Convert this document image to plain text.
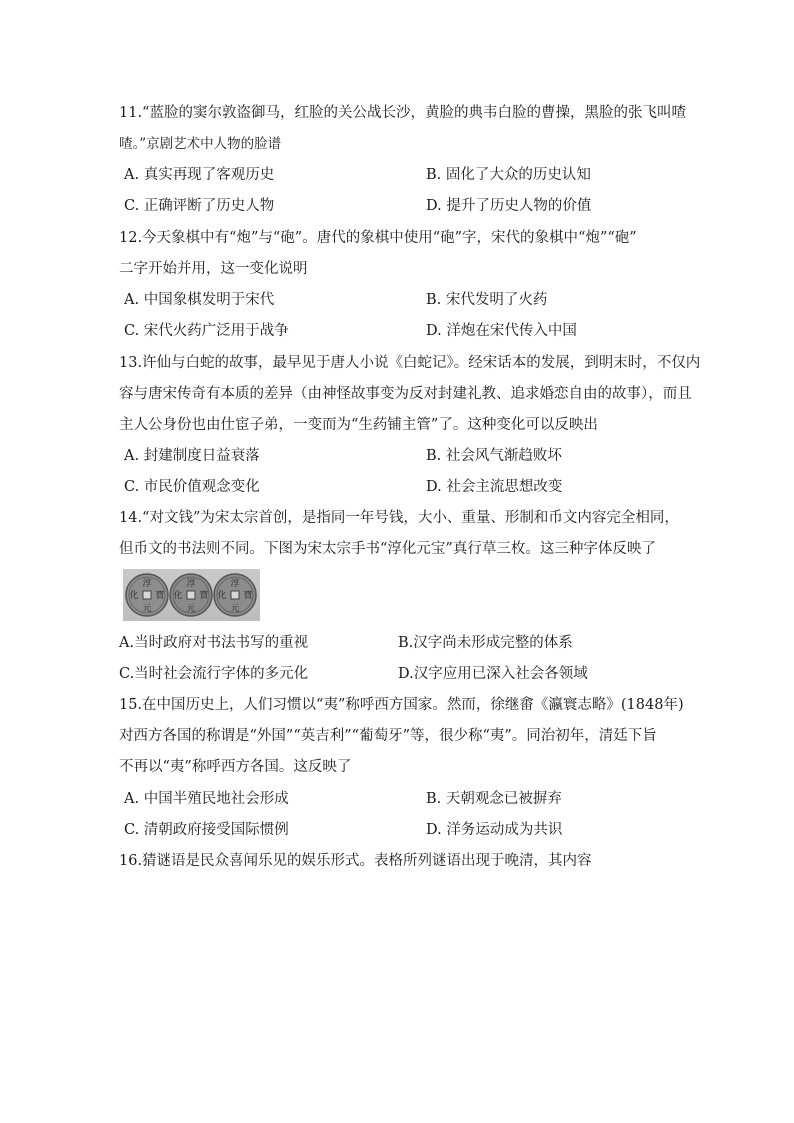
11.“蓝脸的窦尔敦盗御马，红脸的关公战长沙，黄脸的典韦白脸的曹操，黑脸的张飞叫喳
喳。”京剧艺术中人物的脸谱
A. 真实再现了客观历史	B. 固化了大众的历史认知
C. 正确评断了历史人物	D. 提升了历史人物的价值
12.今天象棋中有“炮”与“砲”。唐代的象棋中使用“砲”字，宋代的象棋中“炮”“砲”
二字开始并用，这一变化说明
A. 中国象棋发明于宋代	B. 宋代发明了火药
C. 宋代火药广泛用于战争	D. 洋炮在宋代传入中国
13.许仙与白蛇的故事，最早见于唐人小说《白蛇记》。经宋话本的发展，到明末时，不仅内
容与唐宋传奇有本质的差异（由神怪故事变为反对封建礼教、追求婚恋自由的故事），而且
主人公身份也由仕宦子弟，一变而为“生药铺主管”了。这种变化可以反映出
A. 封建制度日益衰落	B. 社会风气渐趋败坏
C. 市民价值观念变化	D. 社会主流思想改变
14.“对文钱”为宋太宗首创，是指同一年号钱，大小、重量、形制和币文内容完全相同，
但币文的书法则不同。下图为宋太宗手书“淳化元宝”真行草三枚。这三种字体反映了
淳
元
化 寶
淳
元
化 寶
淳
元
化 寶
A.当时政府对书法书写的重视	B.汉字尚未形成完整的体系
C.当时社会流行字体的多元化	D.汉字应用已深入社会各领域
15.在中国历史上，人们习惯以“夷”称呼西方国家。然而，徐继畬《瀛寰志略》(1848年)
对西方各国的称谓是“外国”“英吉利”“葡萄牙”等，很少称“夷”。同治初年，清廷下旨
不再以“夷”称呼西方各国。这反映了
A. 中国半殖民地社会形成	B. 天朝观念已被摒弃
C. 清朝政府接受国际惯例	D. 洋务运动成为共识
16.猜谜语是民众喜闻乐见的娱乐形式。表格所列谜语出现于晚清，其内容
